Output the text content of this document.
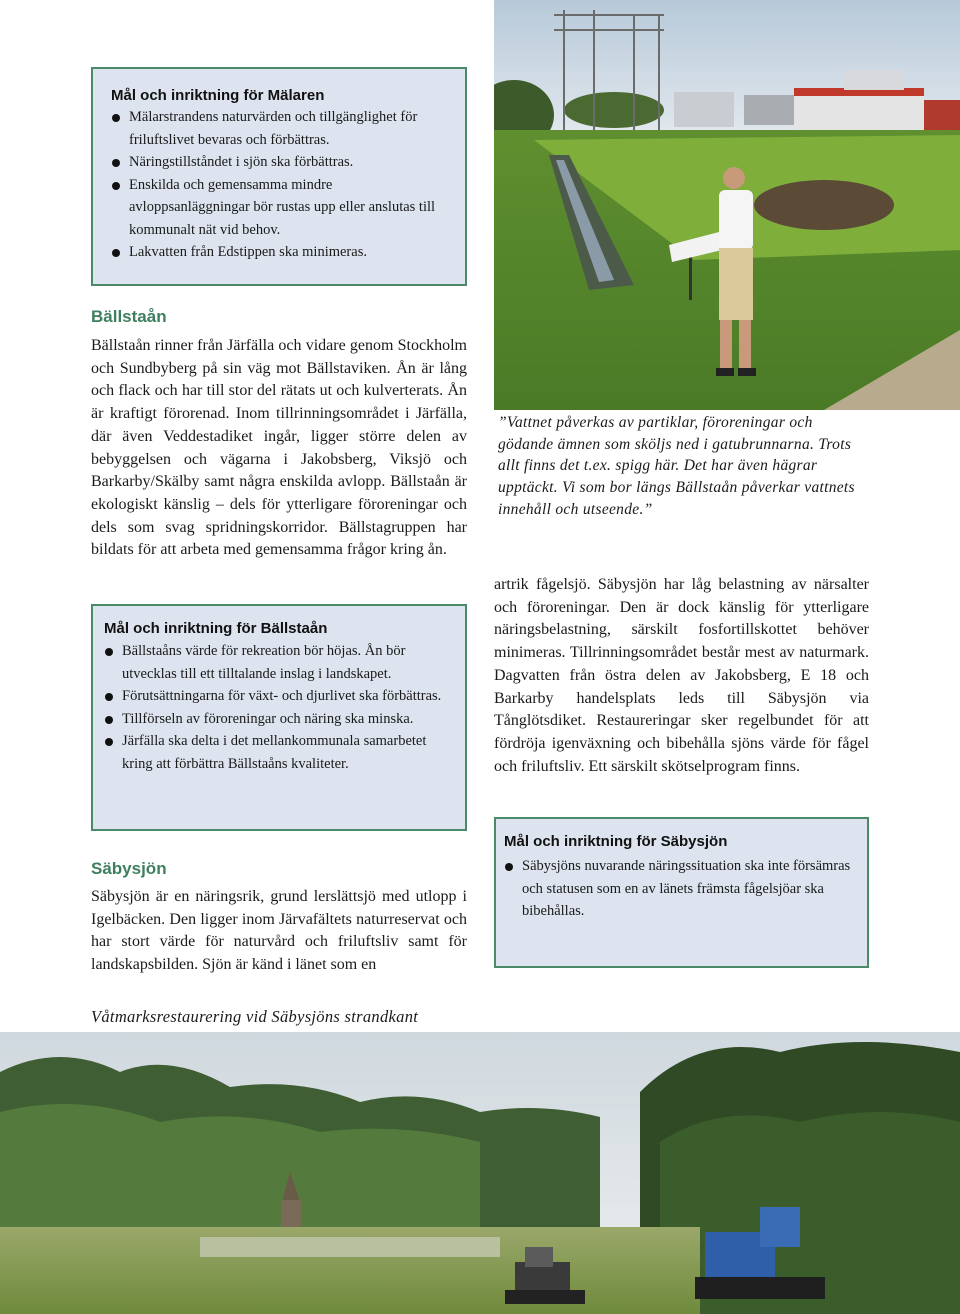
Mål och inriktning för Mälaren
Mälarstrandens naturvärden och tillgänglighet för friluftslivet bevaras och förbättras.
Näringstillståndet i sjön ska förbättras.
Enskilda och gemensamma mindre avloppsanläggningar bör rustas upp eller anslutas till kommunalt nät vid behov.
Lakvatten från Edstippen ska minimeras.
Bällstaån
Bällstaån rinner från Järfälla och vidare genom Stockholm och Sundbyberg på sin väg mot Bällstaviken. Ån är lång och flack och har till stor del rätats ut och kulverterats. Ån är kraftigt förorenad. Inom tillrinningsområdet i Järfälla, där även Veddestadiket ingår, ligger större delen av bebyggelsen och vägarna i Jakobsberg, Viksjö och Barkarby/Skälby samt några enskilda avlopp. Bällstaån är ekologiskt känslig – dels för ytterligare föroreningar och dels som svag spridningskorridor. Bällstagruppen har bildats för att arbeta med gemensamma frågor kring ån.
Mål och inriktning för Bällstaån
Bällstaåns värde för rekreation bör höjas. Ån bör utvecklas till ett tilltalande inslag i landskapet.
Förutsättningarna för växt- och djurlivet ska förbättras.
Tillförseln av föroreningar och näring ska minska.
Järfälla ska delta i det mellankommunala samarbetet kring att förbättra Bällstaåns kvaliteter.
Säbysjön
Säbysjön är en näringsrik, grund lerslättsjö med utlopp i Igelbäcken. Den ligger inom Järvafältets naturreservat och har stort värde för naturvård och friluftsliv samt för landskapsbilden. Sjön är känd i länet som en
artrik fågelsjö. Säbysjön har låg belastning av närsalter och föroreningar. Den är dock känslig för ytterligare näringsbelastning, särskilt fosfortillskottet behöver minimeras. Tillrinningsområdet består mest av naturmark. Dagvatten från östra delen av Jakobsberg, E 18 och Barkarby handelsplats leds till Säbysjön via Tånglötsdiket. Restaureringar sker regelbundet för att fördröja igenväxning och bibehålla sjöns värde för fågel och friluftsliv. Ett särskilt skötselprogram finns.
Mål och inriktning för Säbysjön
Säbysjöns nuvarande näringssituation ska inte försämras och statusen som en av länets främsta fågelsjöar ska bibehållas.
”Vattnet påverkas av partiklar, föroreningar och gödande ämnen som sköljs ned i gatubrunnarna. Trots allt finns det t.ex. spigg här. Det har även hägrar upptäckt. Vi som bor längs Bällstaån påverkar vattnets innehåll och utseende.”
Våtmarksrestaurering vid Säbysjöns strandkant
